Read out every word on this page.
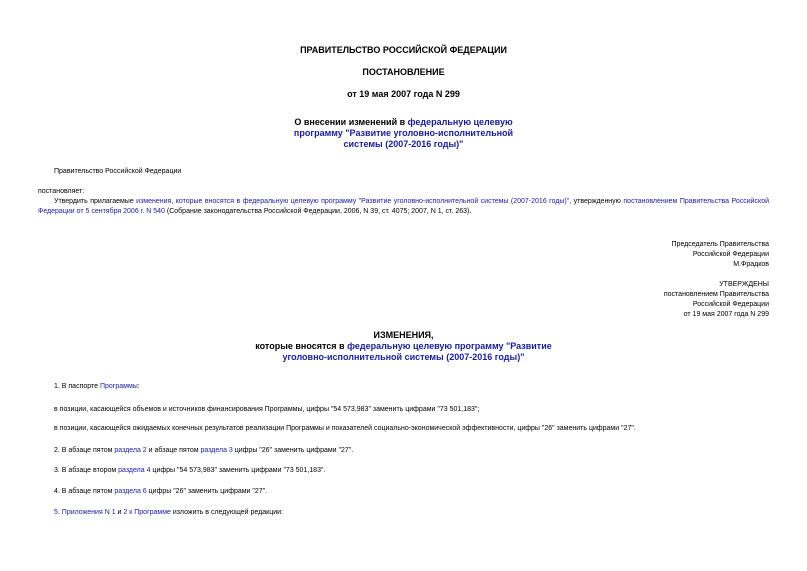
ПРАВИТЕЛЬСТВО РОССИЙСКОЙ ФЕДЕРАЦИИ
ПОСТАНОВЛЕНИЕ
от 19 мая 2007 года N 299
О внесении изменений в федеральную целевую
программу "Развитие уголовно-исполнительной
системы (2007-2016 годы)"
Правительство Российской Федерации
постановляет:
Утвердить прилагаемые изменения, которые вносятся в федеральную целевую программу "Развитие уголовно-исполнительной системы (2007-2016 годы)", утвержденную постановлением Правительства Российской Федерации от 5 сентября 2006 г. N 540 (Собрание законодательства Российской Федерации, 2006, N 39, ст. 4075; 2007, N 1, ст. 263).
Председатель Правительства
Российской Федерации
М.Фрадков
УТВЕРЖДЕНЫ
постановлением Правительства
Российской Федерации
от 19 мая 2007 года N 299
ИЗМЕНЕНИЯ,
которые вносятся в федеральную целевую программу "Развитие
уголовно-исполнительной системы (2007-2016 годы)"
1. В паспорте Программы:
в позиции, касающейся объемов и источников финансирования Программы, цифры "54 573,983" заменить цифрами "73 501,183";
в позиции, касающейся ожидаемых конечных результатов реализации Программы и показателей социально-экономической эффективности, цифры "26" заменить цифрами "27".
2. В абзаце пятом раздела 2 и абзаце пятом раздела 3 цифры "26" заменить цифрами "27".
3. В абзаце втором раздела 4 цифры "54 573,983" заменить цифрами "73 501,183".
4. В абзаце пятом раздела 6 цифры "26" заменить цифрами "27".
5. Приложения N 1 и 2 к Программе изложить в следующей редакции:
